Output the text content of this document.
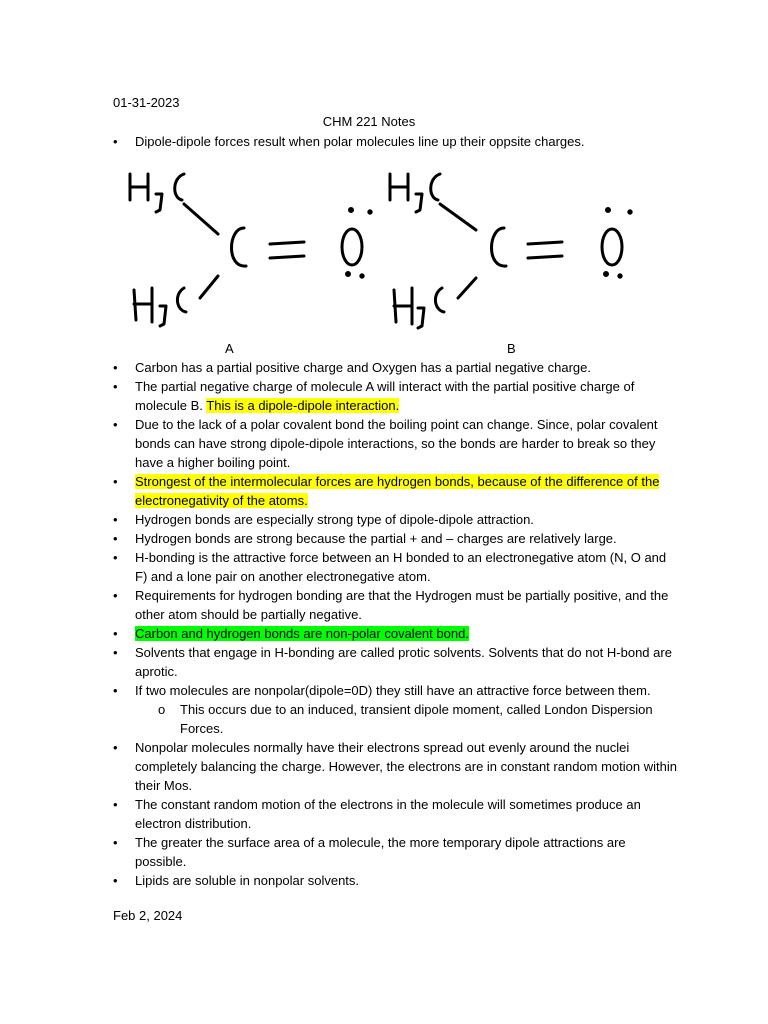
01-31-2023
CHM 221 Notes
•	Dipole-dipole forces result when polar molecules line up their oppsite charges.
A	B
•	Carbon has a partial positive charge and Oxygen has a partial negative charge.
•	The partial negative charge of molecule A will interact with the partial positive charge of molecule B. This is a dipole-dipole interaction.
•	Due to the lack of a polar covalent bond the boiling point can change. Since, polar covalent bonds can have strong dipole-dipole interactions, so the bonds are harder to break so they have a higher boiling point.
•	Strongest of the intermolecular forces are hydrogen bonds, because of the difference of the electronegativity of the atoms.
•	Hydrogen bonds are especially strong type of dipole-dipole attraction.
•	Hydrogen bonds are strong because the partial + and – charges are relatively large.
•	H-bonding is the attractive force between an H bonded to an electronegative atom (N, O and F) and a lone pair on another electronegative atom.
•	Requirements for hydrogen bonding are that the Hydrogen must be partially positive, and the other atom should be partially negative.
•	Carbon and hydrogen bonds are non-polar covalent bond.
•	Solvents that engage in H-bonding are called protic solvents. Solvents that do not H-bond are aprotic.
•	If two molecules are nonpolar(dipole=0D) they still have an attractive force between them.
o	This occurs due to an induced, transient dipole moment, called London Dispersion Forces.
•	Nonpolar molecules normally have their electrons spread out evenly around the nuclei completely balancing the charge. However, the electrons are in constant random motion within their Mos.
•	The constant random motion of the electrons in the molecule will sometimes produce an electron distribution.
•	The greater the surface area of a molecule, the more temporary dipole attractions are possible.
•	Lipids are soluble in nonpolar solvents.
Feb 2, 2024
